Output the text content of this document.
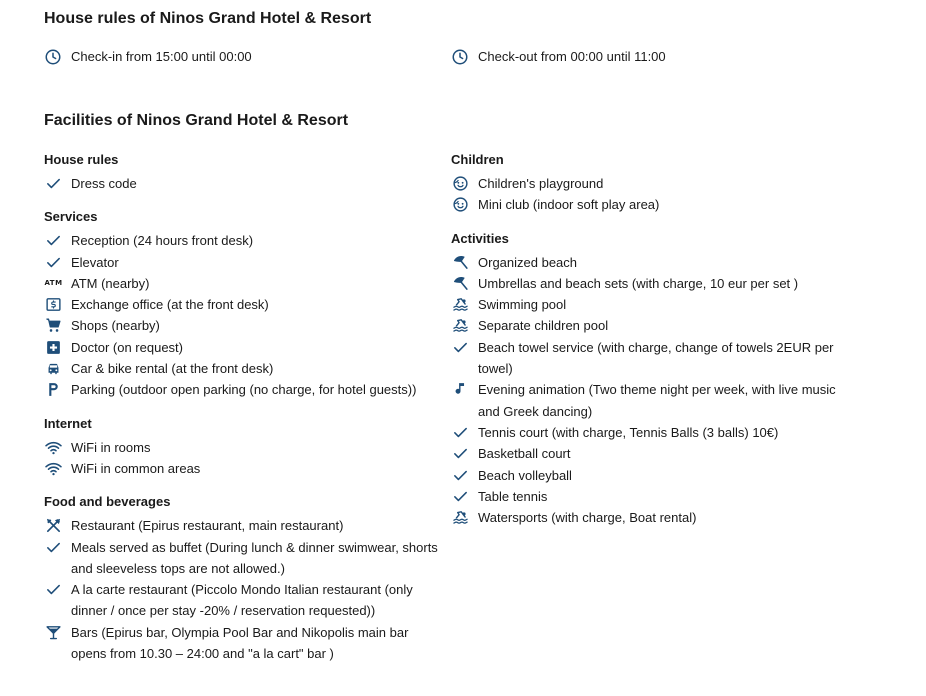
House rules of Ninos Grand Hotel & Resort
Check-in from 15:00 until 00:00	Check-out from 00:00 until 11:00
Facilities of Ninos Grand Hotel & Resort
House rules
Dress code
Services
Reception (24 hours front desk)
Elevator
ATM ATM (nearby)
Exchange office (at the front desk)
Shops (nearby)
Doctor (on request)
Car & bike rental (at the front desk)
Parking (outdoor open parking (no charge, for hotel guests))
Internet
WiFi in rooms
WiFi in common areas
Food and beverages
Restaurant (Epirus restaurant, main restaurant)
Meals served as buffet (During lunch & dinner swimwear, shorts and sleeveless tops are not allowed.)
A la carte restaurant (Piccolo Mondo Italian restaurant (only dinner / once per stay -20% / reservation requested))
Bars (Epirus bar, Olympia Pool Bar and Nikopolis main bar opens from 10.30 – 24:00 and "a la cart" bar )
Children
Children's playground
Mini club (indoor soft play area)
Activities
Organized beach
Umbrellas and beach sets (with charge, 10 eur per set )
Swimming pool
Separate children pool
Beach towel service (with charge, change of towels 2EUR per towel)
Evening animation (Two theme night per week, with live music and Greek dancing)
Tennis court (with charge, Tennis Balls (3 balls) 10€)
Basketball court
Beach volleyball
Table tennis
Watersports (with charge, Boat rental)
